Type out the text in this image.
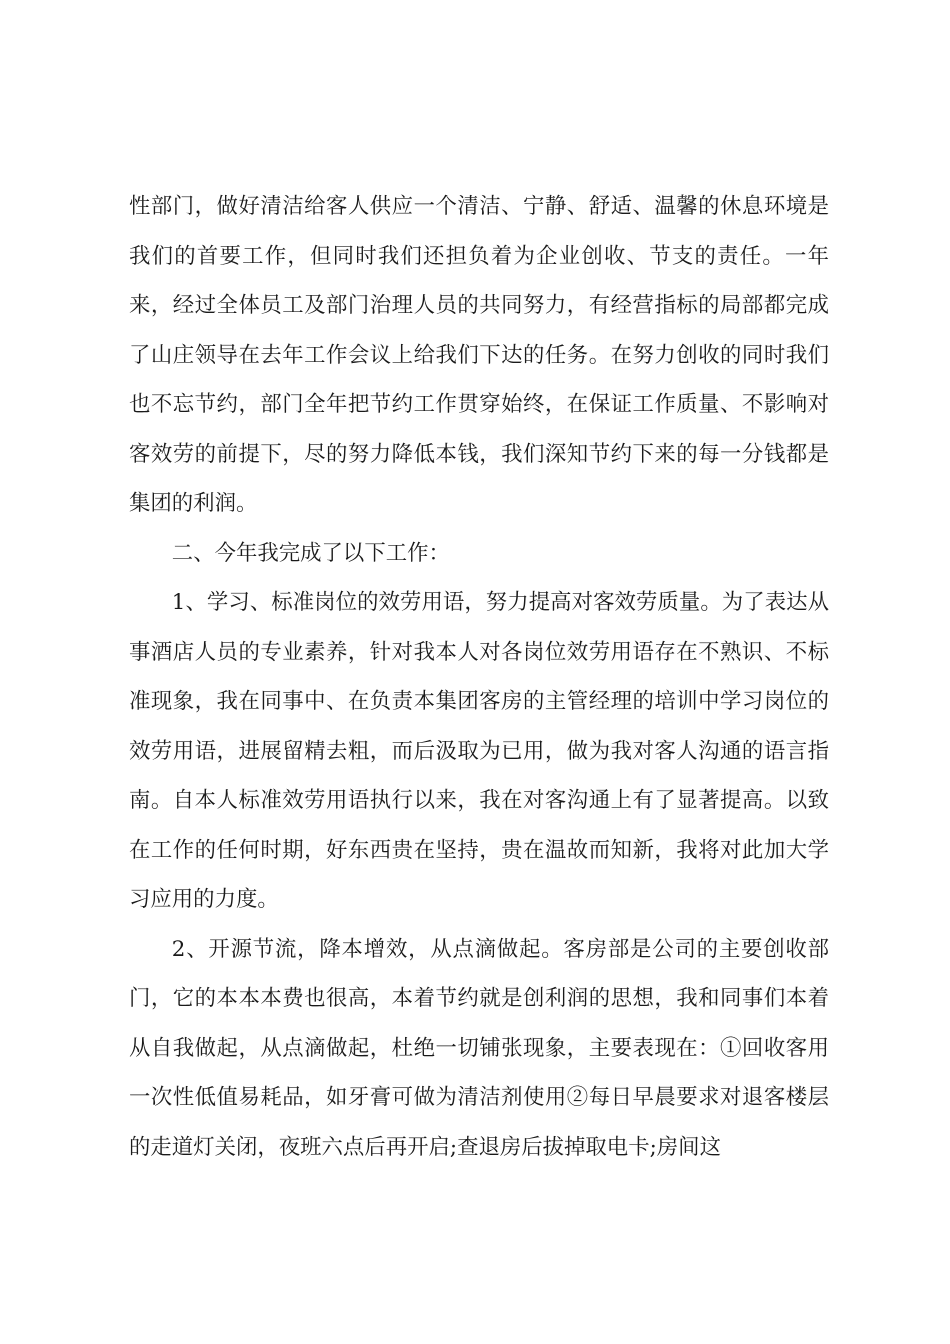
性部门，做好清洁给客人供应一个清洁、宁静、舒适、温馨的休息环境是我们的首要工作，但同时我们还担负着为企业创收、节支的责任。一年来，经过全体员工及部门治理人员的共同努力，有经营指标的局部都完成了山庄领导在去年工作会议上给我们下达的任务。在努力创收的同时我们也不忘节约，部门全年把节约工作贯穿始终，在保证工作质量、不影响对客效劳的前提下，尽的努力降低本钱，我们深知节约下来的每一分钱都是集团的利润。

二、今年我完成了以下工作：

1、学习、标准岗位的效劳用语，努力提高对客效劳质量。为了表达从事酒店人员的专业素养，针对我本人对各岗位效劳用语存在不熟识、不标准现象，我在同事中、在负责本集团客房的主管经理的培训中学习岗位的效劳用语，进展留精去粗，而后汲取为已用，做为我对客人沟通的语言指南。自本人标准效劳用语执行以来，我在对客沟通上有了显著提高。以致在工作的任何时期，好东西贵在坚持，贵在温故而知新，我将对此加大学习应用的力度。

2、开源节流，降本增效，从点滴做起。客房部是公司的主要创收部门，它的本本本费也很高，本着节约就是创利润的思想，我和同事们本着从自我做起，从点滴做起，杜绝一切铺张现象，主要表现在：①回收客用一次性低值易耗品，如牙膏可做为清洁剂使用②每日早晨要求对退客楼层的走道灯关闭，夜班六点后再开启;查退房后拔掉取电卡;房间这
